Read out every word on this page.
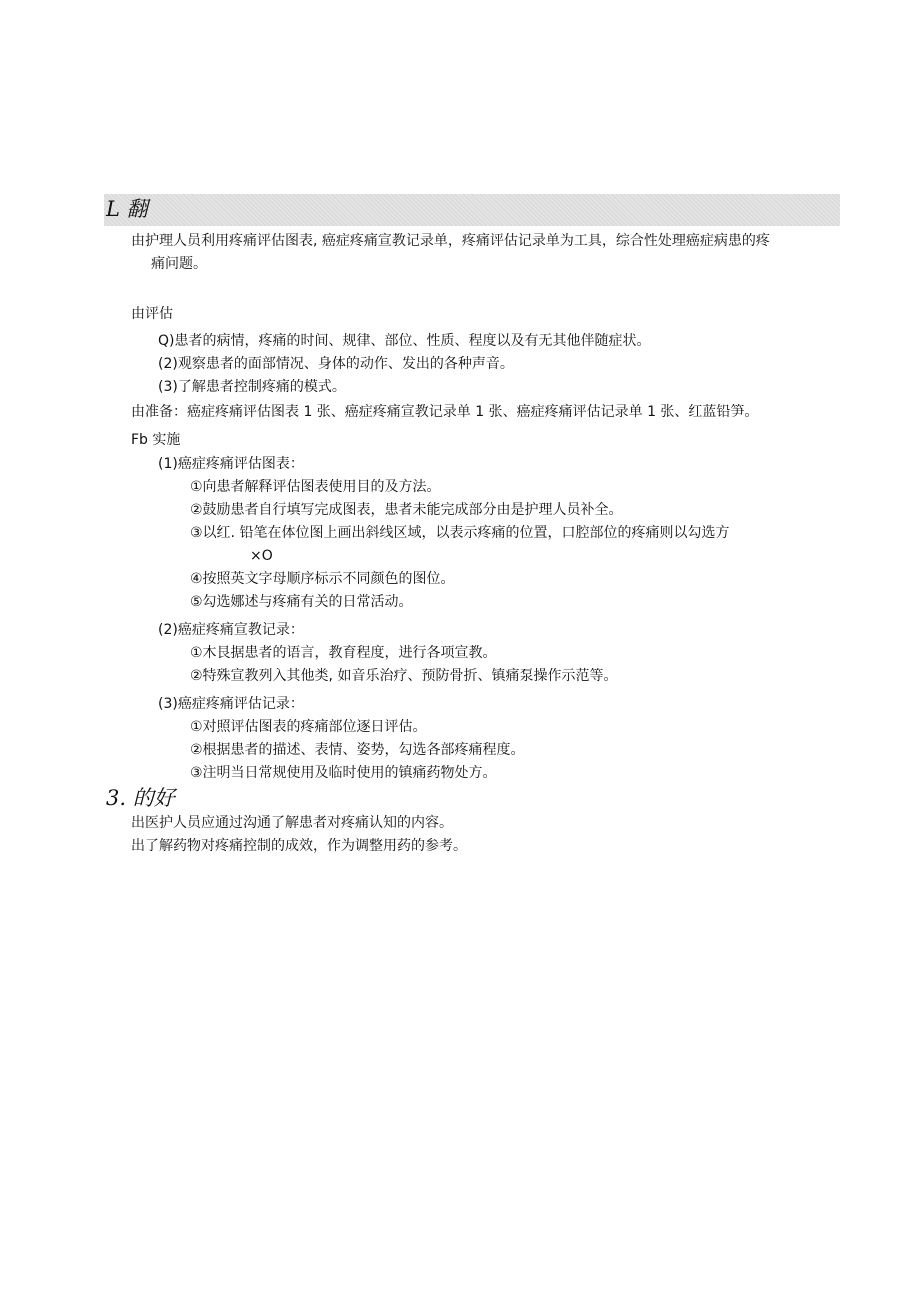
L 翻
由护理人员利用疼痛评估图表, 癌症疼痛宣教记录单，疼痛评估记录单为工具，综合性处理癌症病患的疼
痛问题。
由评估
Q)患者的病情，疼痛的时间、规律、部位、性质、程度以及有无其他伴随症状。
(2)观察患者的面部情况、身体的动作、发出的各种声音。
(3)了解患者控制疼痛的模式。
由准备：癌症疼痛评估图表 1 张、癌症疼痛宣教记录单 1 张、癌症疼痛评估记录单 1 张、红蓝铅笋。
Fb 实施
(1)癌症疼痛评估图表：
①向患者解释评估图表使用目的及方法。
②鼓励患者自行填写完成图表，患者未能完成部分由是护理人员补全。
③以红. 铅笔在体位图上画出斜线区域，以表示疼痛的位置，口腔部位的疼痛则以勾选方
×O
④按照英文字母顺序标示不同颜色的图位。
⑤勾选娜述与疼痛有关的日常活动。
(2)癌症疼痛宣教记录：
①木艮据患者的语言，教育程度，进行各项宣教。
②特殊宣教列入其他类, 如音乐治疗、预防骨折、镇痛泵操作示范等。
(3)癌症疼痛评估记录：
①对照评估图表的疼痛部位逐日评估。
②根据患者的描述、表情、姿势，勾选各部疼痛程度。
③注明当日常规使用及临时使用的镇痛药物处方。
3. 的好
出医护人员应通过沟通了解患者对疼痛认知的内容。
出了解药物对疼痛控制的成效，作为调整用药的参考。
